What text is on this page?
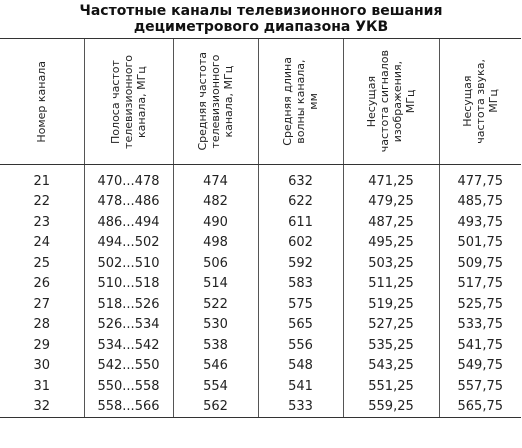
Частотные каналы телевизионного вешания
дециметрового диапазона УКВ
Номер канала	Полоса частот
телевизионного
канала, МГц	Средняя частота
телевизионного
канала, МГц	Средняя длина
волны канала,
мм	Несущая
частота сигналов
изображения,
МГц	Несущая
частота звука,
МГц

21	470...478	474	632	471,25	477,75
22	478...486	482	622	479,25	485,75
23	486...494	490	611	487,25	493,75
24	494...502	498	602	495,25	501,75
25	502...510	506	592	503,25	509,75
26	510...518	514	583	511,25	517,75
27	518...526	522	575	519,25	525,75
28	526...534	530	565	527,25	533,75
29	534...542	538	556	535,25	541,75
30	542...550	546	548	543,25	549,75
31	550...558	554	541	551,25	557,75
32	558...566	562	533	559,25	565,75
